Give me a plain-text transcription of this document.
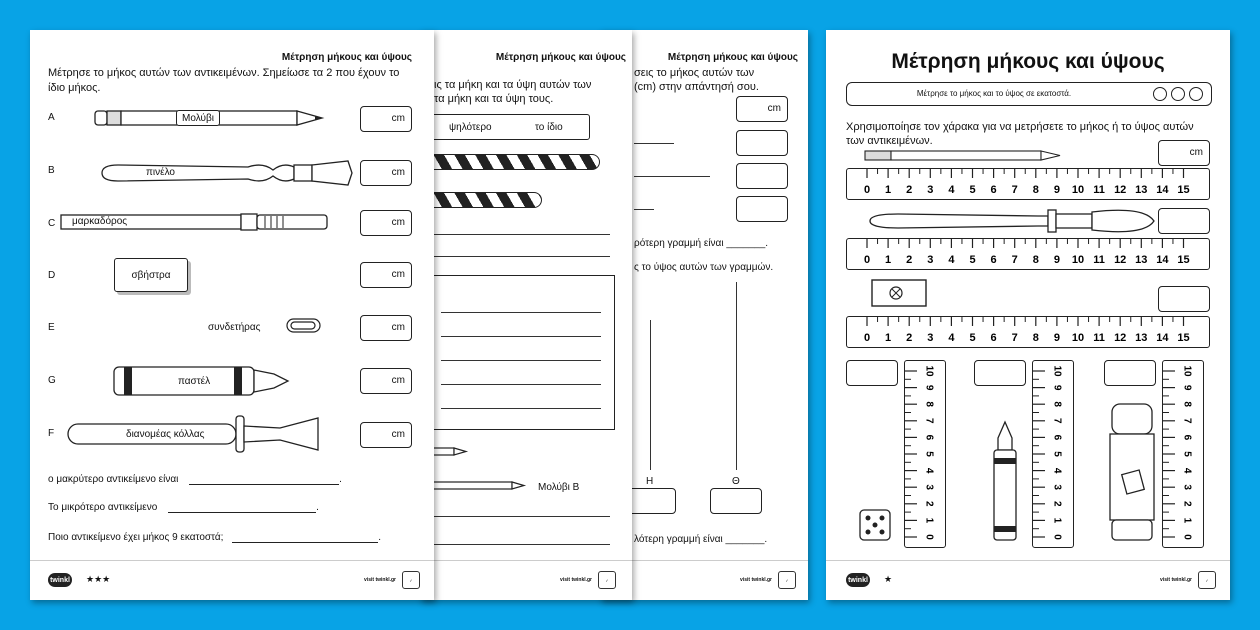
Μέτρηση μήκους και ύψους
σεις το μήκος αυτών των
(cm) στην απάντησή σου.
cm
ρότερη γραμμή είναι _______.
ς το ύψος αυτών των γραμμών.
Η	Θ
λότερη γραμμή είναι _______.
visit twinkl.gr	✓
Μέτρηση μήκους και ύψους
ις τα μήκη και τα ύψη αυτών των
τα μήκη και τα ύψη τους.
ψηλότερο	το ίδιο
Μολύβι Β
visit twinkl.gr	✓
Μέτρηση μήκους και ύψους
Μέτρησε το μήκος αυτών των αντικειμένων. Σημείωσε τα 2 που έχουν το ίδιο μήκος.
A	Μολύβι	cm
B	πινέλο	cm
C μαρκαδόρος	cm
D	σβήστρα	cm
E	συνδετήρας	cm
G	παστέλ	cm
F	διανομέας κόλλας	cm
ο μακρύτερο αντικείμενο είναι	.
Το μικρότερο αντικείμενο	.
Ποιο αντικείμενο έχει μήκος 9 εκατοστά;	.
twinkl ★★★	visit twinkl.gr	✓
Μέτρηση μήκους και ύψους
Μέτρησε το μήκος και το ύψος σε εκατοστά.
Χρησιμοποίησε τον χάρακα για να μετρήσετε το μήκος ή το ύψος αυτών των αντικειμένων.
cm
0 1 2 3 4 5 6 7 8 9 10 11 12 13 14 15
0 1 2 3 4 5 6 7 8 9 10 11 12 13 14 15
0 1 2 3 4 5 6 7 8 9 10 11 12 13 14 15
0
1
2
3
4
5
6
7
8
9
10
0
1
2
3
4
5
6
7
8
9
10
0
1
2
3
4
5
6
7
8
9
10
twinkl ★	visit twinkl.gr	✓
